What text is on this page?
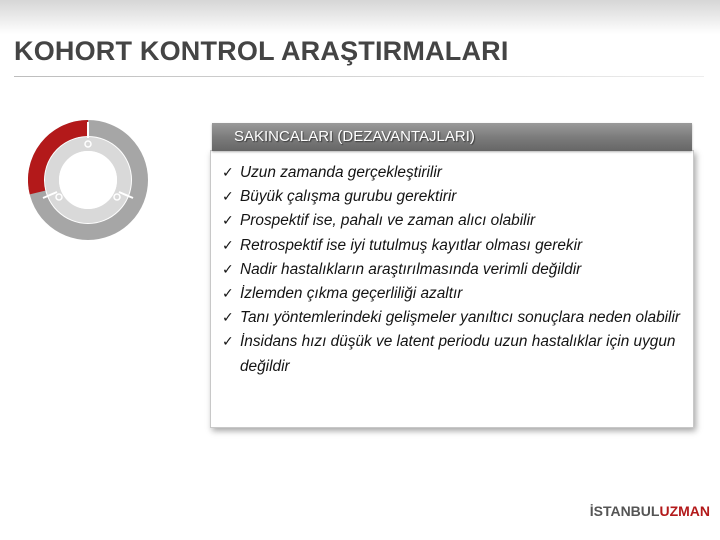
KOHORT KONTROL ARAŞTIRMALARI
SAKINCALARI (DEZAVANTAJLARI)
✓ Uzun zamanda gerçekleştirilir
✓ Büyük çalışma gurubu gerektirir
✓ Prospektif ise, pahalı ve zaman alıcı olabilir
✓ Retrospektif ise iyi tutulmuş kayıtlar olması gerekir
✓ Nadir hastalıkların araştırılmasında verimli değildir
✓ İzlemden çıkma geçerliliği azaltır
✓ Tanı yöntemlerindeki gelişmeler yanıltıcı sonuçlara neden olabilir
✓ İnsidans hızı düşük ve latent periodu uzun hastalıklar için uygun değildir
İSTANBULUZMAN
